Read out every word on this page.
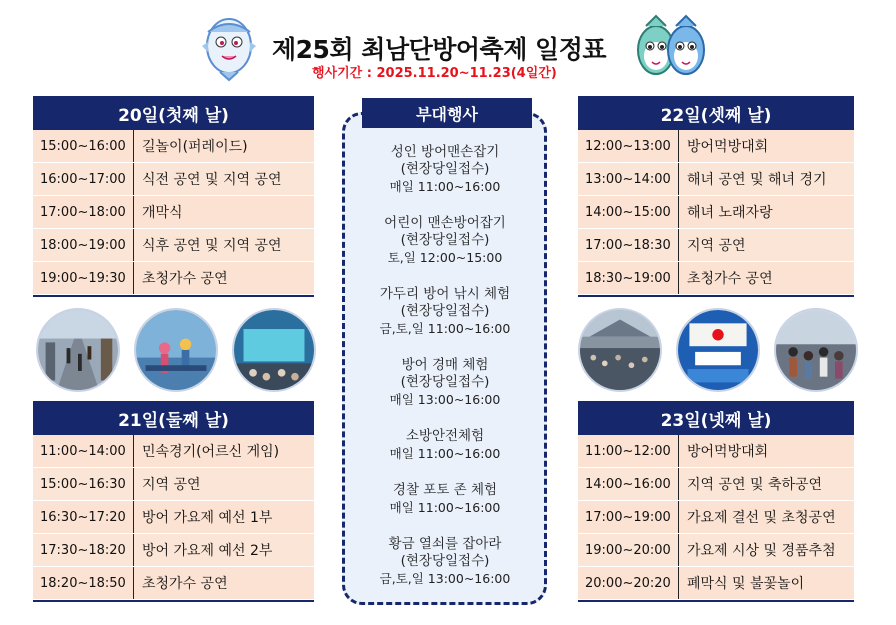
제25회 최남단방어축제 일정표
행사기간 : 2025.11.20~11.23(4일간)
20일(첫째 날)
15:00~16:00	길놀이(퍼레이드)
16:00~17:00	식전 공연 및 지역 공연
17:00~18:00	개막식
18:00~19:00	식후 공연 및 지역 공연
19:00~19:30	초청가수 공연
21일(둘째 날)
11:00~14:00	민속경기(어르신 게임)
15:00~16:30	지역 공연
16:30~17:20	방어 가요제 예선 1부
17:30~18:20	방어 가요제 예선 2부
18:20~18:50	초청가수 공연
부대행사
성인 방어맨손잡기
(현장당일접수)
매일 11:00~16:00
어린이 맨손방어잡기
(현장당일접수)
토,일 12:00~15:00
가두리 방어 낚시 체험
(현장당일접수)
금,토,일 11:00~16:00
방어 경매 체험
(현장당일접수)
매일 13:00~16:00
소방안전체험
매일 11:00~16:00
경찰 포토 존 체험
매일 11:00~16:00
황금 열쇠를 잡아라
(현장당일접수)
금,토,일 13:00~16:00
22일(셋째 날)
12:00~13:00	방어먹방대회
13:00~14:00	해녀 공연 및 해녀 경기
14:00~15:00	해녀 노래자랑
17:00~18:30	지역 공연
18:30~19:00	초청가수 공연
23일(넷째 날)
11:00~12:00	방어먹방대회
14:00~16:00	지역 공연 및 축하공연
17:00~19:00	가요제 결선 및 초청공연
19:00~20:00	가요제 시상 및 경품추첨
20:00~20:20	폐막식 및 불꽃놀이
